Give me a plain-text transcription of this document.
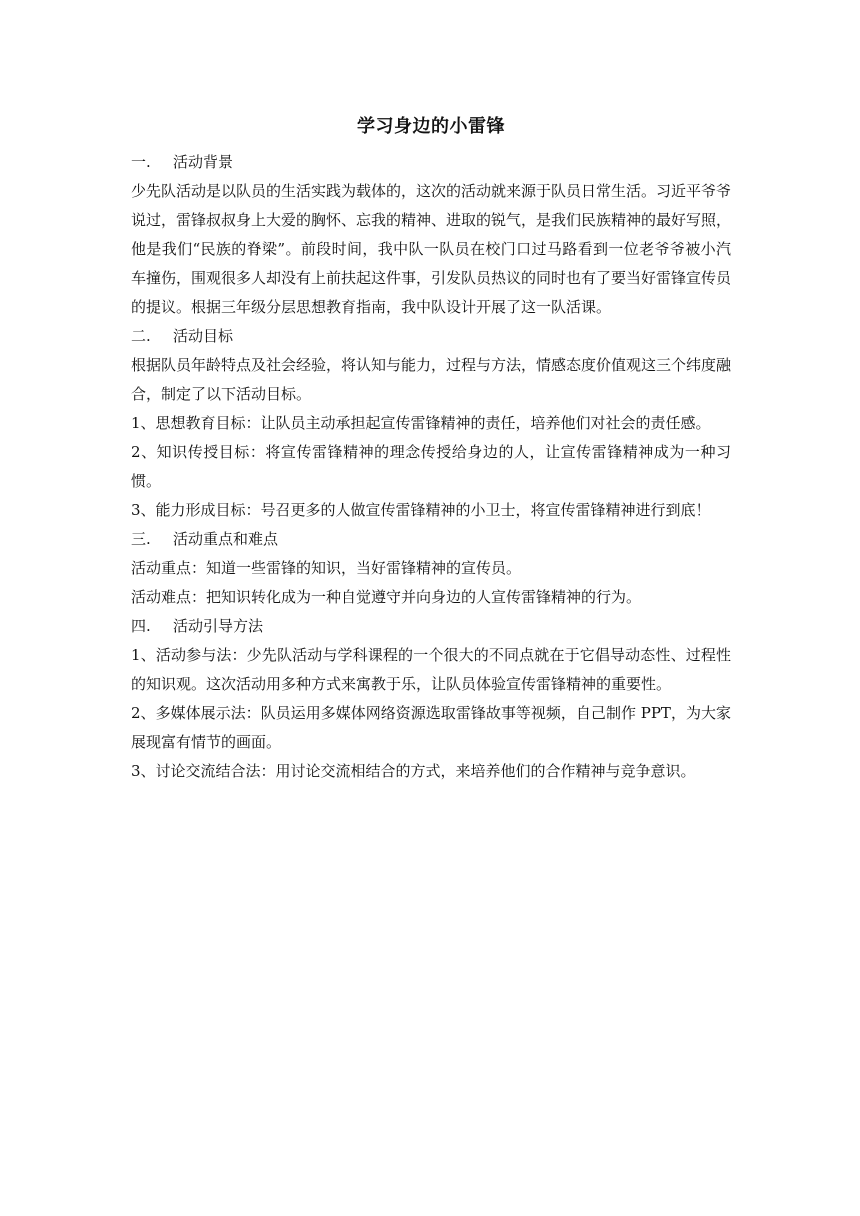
学习身边的小雷锋
一. 活动背景

少先队活动是以队员的生活实践为载体的，这次的活动就来源于队员日常生活。习近平爷爷说过，雷锋叔叔身上大爱的胸怀、忘我的精神、进取的锐气，是我们民族精神的最好写照，他是我们“民族的脊梁”。前段时间，我中队一队员在校门口过马路看到一位老爷爷被小汽车撞伤，围观很多人却没有上前扶起这件事，引发队员热议的同时也有了要当好雷锋宣传员的提议。根据三年级分层思想教育指南，我中队设计开展了这一队活课。

二. 活动目标

根据队员年龄特点及社会经验，将认知与能力，过程与方法，情感态度价值观这三个纬度融合，制定了以下活动目标。

1、思想教育目标：让队员主动承担起宣传雷锋精神的责任，培养他们对社会的责任感。

2、知识传授目标：将宣传雷锋精神的理念传授给身边的人，让宣传雷锋精神成为一种习惯。

3、能力形成目标：号召更多的人做宣传雷锋精神的小卫士，将宣传雷锋精神进行到底！

三. 活动重点和难点

活动重点：知道一些雷锋的知识，当好雷锋精神的宣传员。

活动难点：把知识转化成为一种自觉遵守并向身边的人宣传雷锋精神的行为。

四. 活动引导方法

1、活动参与法：少先队活动与学科课程的一个很大的不同点就在于它倡导动态性、过程性的知识观。这次活动用多种方式来寓教于乐，让队员体验宣传雷锋精神的重要性。

2、多媒体展示法：队员运用多媒体网络资源选取雷锋故事等视频，自己制作 PPT，为大家展现富有情节的画面。

3、讨论交流结合法：用讨论交流相结合的方式，来培养他们的合作精神与竞争意识。
